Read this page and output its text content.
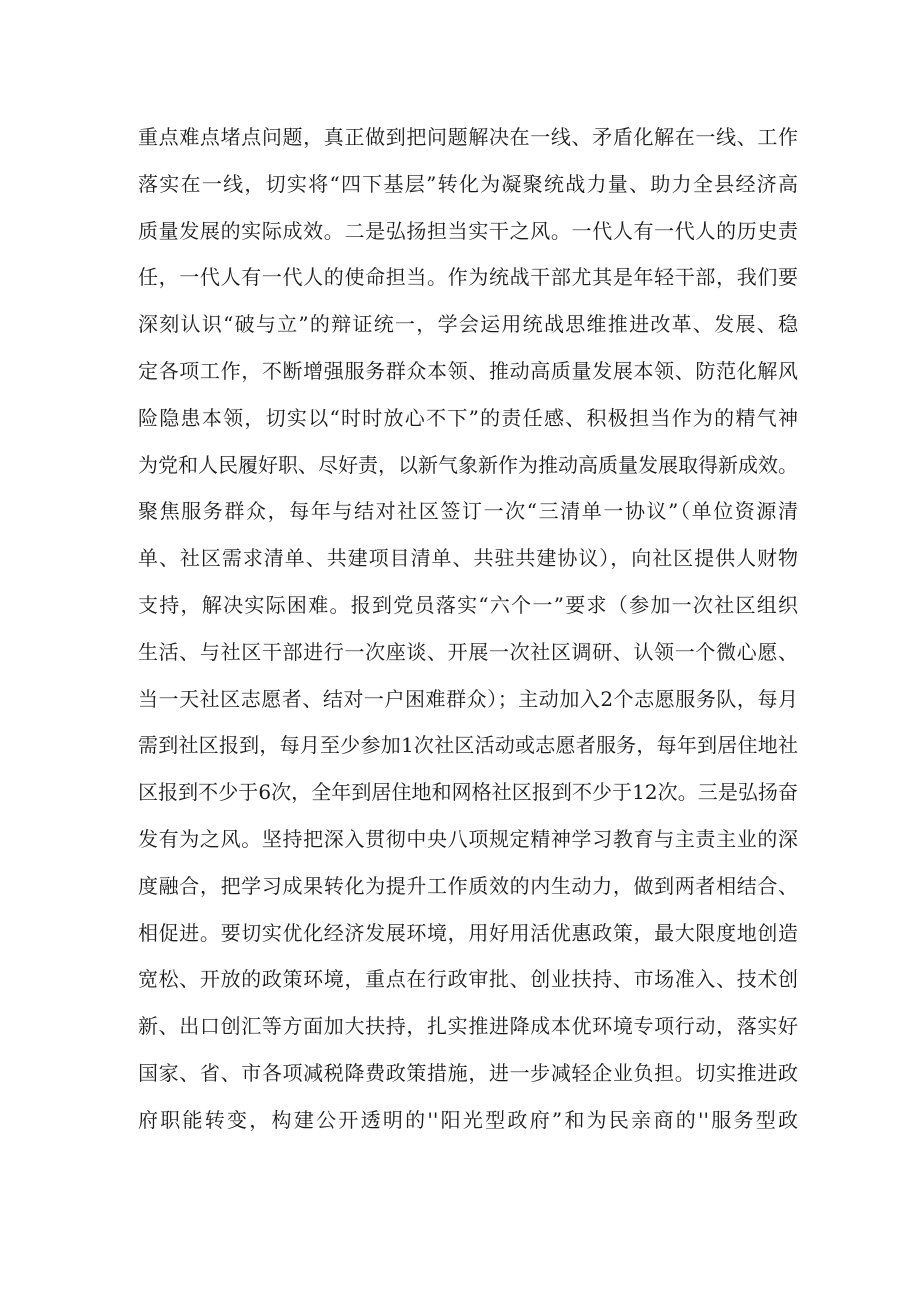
重点难点堵点问题，真正做到把问题解决在一线、矛盾化解在一线、工作
落实在一线，切实将“四下基层”转化为凝聚统战力量、助力全县经济高
质量发展的实际成效。二是弘扬担当实干之风。一代人有一代人的历史责
任，一代人有一代人的使命担当。作为统战干部尤其是年轻干部，我们要
深刻认识“破与立”的辩证统一，学会运用统战思维推进改革、发展、稳
定各项工作，不断增强服务群众本领、推动高质量发展本领、防范化解风
险隐患本领，切实以“时时放心不下”的责任感、积极担当作为的精气神
为党和人民履好职、尽好责，以新气象新作为推动高质量发展取得新成效。
聚焦服务群众，每年与结对社区签订一次“三清单一协议”（单位资源清
单、社区需求清单、共建项目清单、共驻共建协议），向社区提供人财物
支持，解决实际困难。报到党员落实“六个一”要求（参加一次社区组织
生活、与社区干部进行一次座谈、开展一次社区调研、认领一个微心愿、
当一天社区志愿者、结对一户困难群众）；主动加入2个志愿服务队，每月
需到社区报到，每月至少参加1次社区活动或志愿者服务，每年到居住地社
区报到不少于6次，全年到居住地和网格社区报到不少于12次。三是弘扬奋
发有为之风。坚持把深入贯彻中央八项规定精神学习教育与主责主业的深
度融合，把学习成果转化为提升工作质效的内生动力，做到两者相结合、
相促进。要切实优化经济发展环境，用好用活优惠政策，最大限度地创造
宽松、开放的政策环境，重点在行政审批、创业扶持、市场准入、技术创
新、出口创汇等方面加大扶持，扎实推进降成本优环境专项行动，落实好
国家、省、市各项减税降费政策措施，进一步减轻企业负担。切实推进政
府职能转变，构建公开透明的''阳光型政府”和为民亲商的''服务型政
